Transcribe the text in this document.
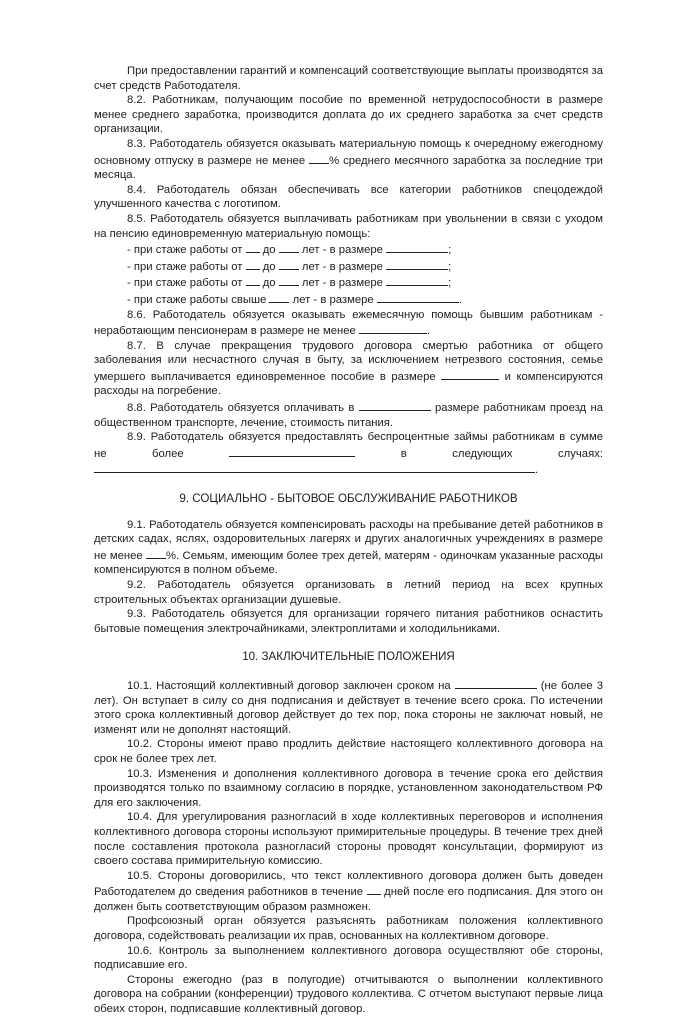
При предоставлении гарантий и компенсаций соответствующие выплаты производятся за счет средств Работодателя.

8.2. Работникам, получающим пособие по временной нетрудоспособности в размере менее среднего заработка, производится доплата до их среднего заработка за счет средств организации.

8.3. Работодатель обязуется оказывать материальную помощь к очередному ежегодному основному отпуску в размере не менее % среднего месячного заработка за последние три месяца.

8.4. Работодатель обязан обеспечивать все категории работников спецодеждой улучшенного качества с логотипом.

8.5. Работодатель обязуется выплачивать работникам при увольнении в связи с уходом на пенсию единовременную материальную помощь:

- при стаже работы от  до  лет - в размере	;

- при стаже работы от  до  лет - в размере	;

- при стаже работы от  до  лет - в размере	;

- при стаже работы свыше  лет - в размере	.

8.6. Работодатель обязуется оказывать ежемесячную помощь бывшим работникам - неработающим пенсионерам в размере не менее	.

8.7. В случае прекращения трудового договора смертью работника от общего заболевания или несчастного случая в быту, за исключением нетрезвого состояния, семье умершего выплачивается единовременное пособие в размере	и компенсируются расходы на погребение.

8.8. Работодатель обязуется оплачивать в	размере работникам проезд на общественном транспорте, лечение, стоимость питания.

8.9. Работодатель обязуется предоставлять беспроцентные займы работникам в сумме не более	в следующих случаях:

.

9. СОЦИАЛЬНО - БЫТОВОЕ ОБСЛУЖИВАНИЕ РАБОТНИКОВ

9.1. Работодатель обязуется компенсировать расходы на пребывание детей работников в детских садах, яслях, оздоровительных лагерях и других аналогичных учреждениях в размере не менее %. Семьям, имеющим более трех детей, матерям - одиночкам указанные расходы компенсируются в полном объеме.

9.2. Работодатель обязуется организовать в летний период на всех крупных строительных объектах организации душевые.

9.3. Работодатель обязуется для организации горячего питания работников оснастить бытовые помещения электрочайниками, электроплитами и холодильниками.

10. ЗАКЛЮЧИТЕЛЬНЫЕ ПОЛОЖЕНИЯ

10.1. Настоящий коллективный договор заключен сроком на	(не более 3 лет). Он вступает в силу со дня подписания и действует в течение всего срока. По истечении этого срока коллективный договор действует до тех пор, пока стороны не заключат новый, не изменят или не дополнят настоящий.

10.2. Стороны имеют право продлить действие настоящего коллективного договора на срок не более трех лет.

10.3. Изменения и дополнения коллективного договора в течение срока его действия производятся только по взаимному согласию в порядке, установленном законодательством РФ для его заключения.

10.4. Для урегулирования разногласий в ходе коллективных переговоров и исполнения коллективного договора стороны используют примирительные процедуры. В течение трех дней после составления протокола разногласий стороны проводят консультации, формируют из своего состава примирительную комиссию.

10.5. Стороны договорились, что текст коллективного договора должен быть доведен Работодателем до сведения работников в течение  дней после его подписания. Для этого он должен быть соответствующим образом размножен.

Профсоюзный орган обязуется разъяснять работникам положения коллективного договора, содействовать реализации их прав, основанных на коллективном договоре.

10.6. Контроль за выполнением коллективного договора осуществляют обе стороны, подписавшие его.

Стороны ежегодно (раз в полугодие) отчитываются о выполнении коллективного договора на собрании (конференции) трудового коллектива. С отчетом выступают первые лица обеих сторон, подписавшие коллективный договор.
